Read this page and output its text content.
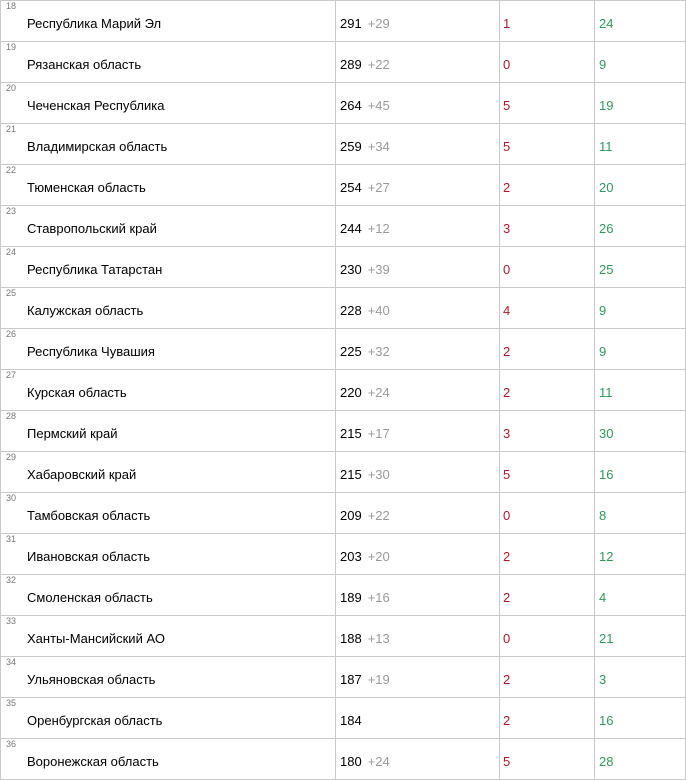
18
Республика Марий Эл	291 +29	1	24

19
Рязанская область	289 +22	0	9

20
Чеченская Республика	264 +45	5	19

21
Владимирская область	259 +34	5	11

22
Тюменская область	254 +27	2	20

23
Ставропольский край	244 +12	3	26

24
Республика Татарстан	230 +39	0	25

25
Калужская область	228 +40	4	9

26
Республика Чувашия	225 +32	2	9

27
Курская область	220 +24	2	11

28
Пермский край	215 +17	3	30

29
Хабаровский край	215 +30	5	16

30
Тамбовская область	209 +22	0	8

31
Ивановская область	203 +20	2	12

32
Смоленская область	189 +16	2	4

33
Ханты-Мансийский АО	188 +13	0	21

34
Ульяновская область	187 +19	2	3

35
Оренбургская область	184	2	16

36
Воронежская область	180 +24	5	28
